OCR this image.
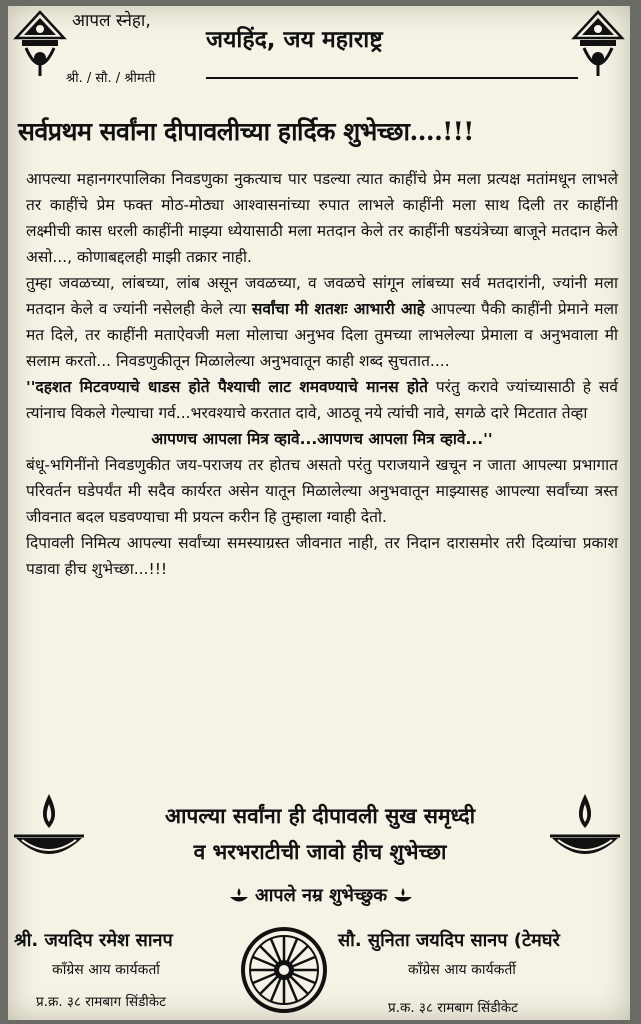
आपल स्नेहा,
जयहिंद, जय महाराष्ट्र
श्री. / सौ. / श्रीमती
सर्वप्रथम सर्वांना दीपावलीच्या हार्दिक शुभेच्छा....!!!

आपल्या महानगरपालिका निवडणुका नुकत्याच पार पडल्या त्यात काहींचे प्रेम मला प्रत्यक्ष मतांमधून लाभले तर काहींचे प्रेम फक्त मोठ-मोठ्या आश्वासनांच्या रुपात लाभले काहींनी मला साथ दिली तर काहींनी लक्ष्मीची कास धरली काहींनी माझ्या ध्येयासाठी मला मतदान केले तर काहींनी षडयंत्रेच्या बाजूने मतदान केले असो..., कोणाबद्दलही माझी तक्रार नाही.

तुम्हा जवळच्या, लांबच्या, लांब असून जवळच्या, व जवळचे सांगून लांबच्या सर्व मतदारांनी, ज्यांनी मला मतदान केले व ज्यांनी नसेलही केले त्या सर्वांचा मी शतशः आभारी आहे आपल्या पैकी काहींनी प्रेमाने मला मत दिले, तर काहींनी मताऐवजी मला मोलाचा अनुभव दिला तुमच्या लाभलेल्या प्रेमाला व अनुभवाला मी सलाम करतो... निवडणुकीतून मिळालेल्या अनुभवातून काही शब्द सुचतात....

''दहशत मिटवण्याचे धाडस होते पैश्याची लाट शमवण्याचे मानस होते परंतु करावे ज्यांच्यासाठी हे सर्व त्यांनाच विकले गेल्याचा गर्व...भरवश्याचे करतात दावे, आठवू नये त्यांची नावे, सगळे दारे मिटतात तेव्हा

आपणच आपला मित्र व्हावे...आपणच आपला मित्र व्हावे...''

बंधू-भगिनींनो निवडणुकीत जय-पराजय तर होतच असतो परंतु पराजयाने खचून न जाता आपल्या प्रभागात परिवर्तन घडेपर्यंत मी सदैव कार्यरत असेन यातून मिळालेल्या अनुभवातून माझ्यासह आपल्या सर्वांच्या त्रस्त जीवनात बदल घडवण्याचा मी प्रयत्न करीन हि तुम्हाला ग्वाही देतो.

दिपावली निमित्य आपल्या सर्वांच्या समस्याग्रस्त जीवनात नाही, तर निदान दारासमोर तरी दिव्यांचा प्रकाश पडावा हीच शुभेच्छा...!!!

आपल्या सर्वांना ही दीपावली सुख समृध्दी
व भरभराटीची जावो हीच शुभेच्छा
आपले नम्र शुभेच्छुक
श्री. जयदिप रमेश सानप
कॉंग्रेस आय कार्यकर्ता
प्र.क्र. ३८ रामबाग सिंडीकेट
सौ. सुनिता जयदिप सानप (टेमघरे
कॉंग्रेस आय कार्यकर्ती
प्र.क. ३८ रामबाग सिंडीकेट
